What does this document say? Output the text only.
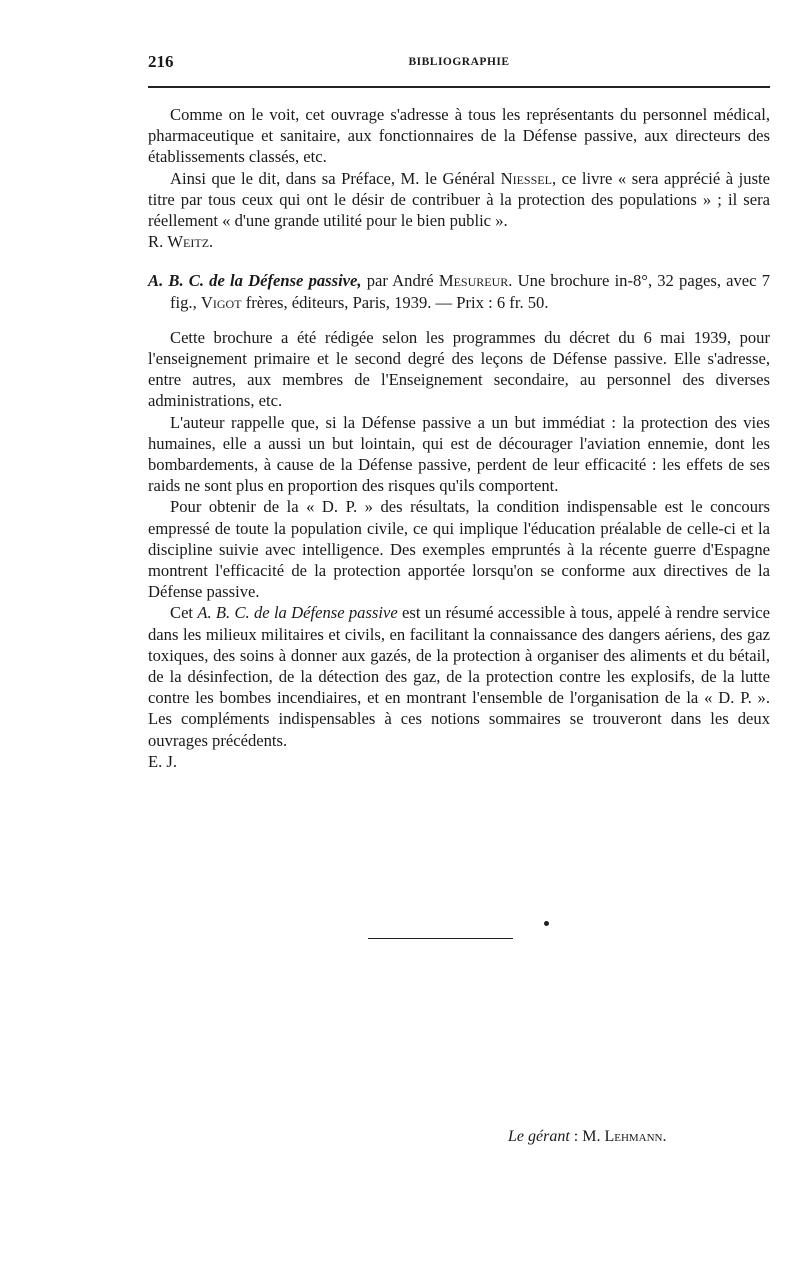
216	BIBLIOGRAPHIE

Comme on le voit, cet ouvrage s'adresse à tous les représentants du personnel médical, pharmaceutique et sanitaire, aux fonctionnaires de la Défense passive, aux directeurs des établissements classés, etc.

Ainsi que le dit, dans sa Préface, M. le Général Niessel, ce livre « sera apprécié à juste titre par tous ceux qui ont le désir de contribuer à la protection des populations » ; il sera réellement « d'une grande utilité pour le bien public ».

R. Weitz.

A. B. C. de la Défense passive, par André Mesureur. Une brochure in-8°, 32 pages, avec 7 fig., Vigot frères, éditeurs, Paris, 1939. — Prix : 6 fr. 50.

Cette brochure a été rédigée selon les programmes du décret du 6 mai 1939, pour l'enseignement primaire et le second degré des leçons de Défense passive. Elle s'adresse, entre autres, aux membres de l'Enseignement secondaire, au personnel des diverses administrations, etc.

L'auteur rappelle que, si la Défense passive a un but immédiat : la protection des vies humaines, elle a aussi un but lointain, qui est de décourager l'aviation ennemie, dont les bombardements, à cause de la Défense passive, perdent de leur efficacité : les effets de ses raids ne sont plus en proportion des risques qu'ils comportent.

Pour obtenir de la « D. P. » des résultats, la condition indispensable est le concours empressé de toute la population civile, ce qui implique l'éducation préalable de celle-ci et la discipline suivie avec intelligence. Des exemples empruntés à la récente guerre d'Espagne montrent l'efficacité de la protection apportée lorsqu'on se conforme aux directives de la Défense passive.

Cet A. B. C. de la Défense passive est un résumé accessible à tous, appelé à rendre service dans les milieux militaires et civils, en facilitant la connaissance des dangers aériens, des gaz toxiques, des soins à donner aux gazés, de la protection à organiser des aliments et du bétail, de la désinfection, de la détection des gaz, de la protection contre les explosifs, de la lutte contre les bombes incendiaires, et en montrant l'ensemble de l'organisation de la « D. P. ». Les compléments indispensables à ces notions sommaires se trouveront dans les deux ouvrages précédents.

E. J.

Le gérant : M. Lehmann.
